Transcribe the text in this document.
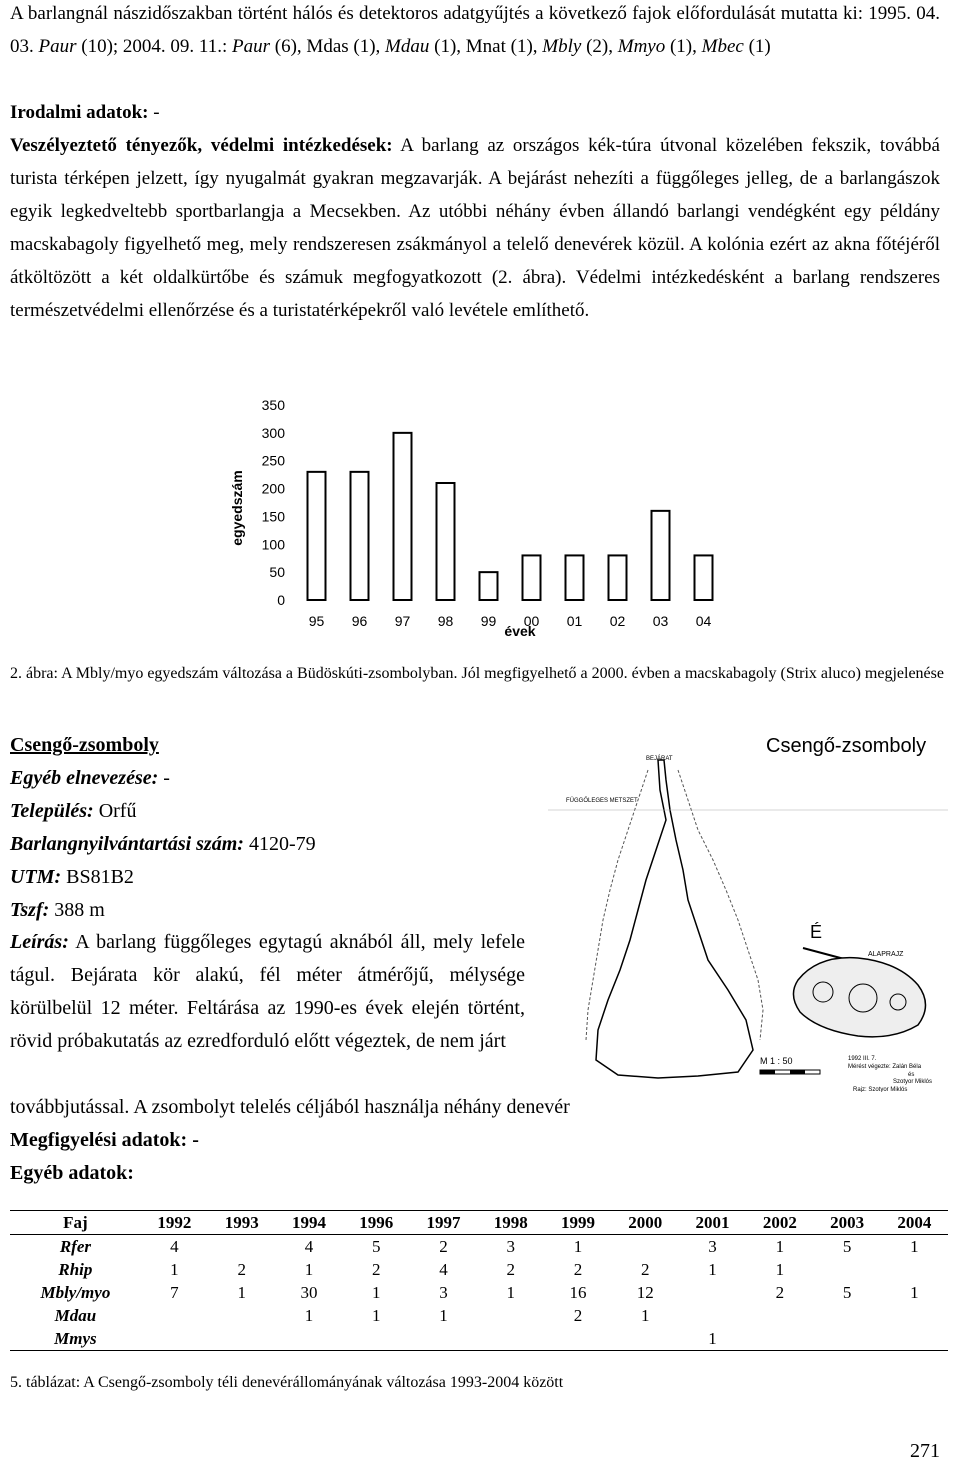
A barlangnál nászidőszakban történt hálós és detektoros adatgyűjtés a következő fajok előfordulását mutatta ki: 1995. 04. 03. Paur (10); 2004. 09. 11.: Paur (6), Mdas (1), Mdau (1), Mnat (1), Mbly (2), Mmyo (1), Mbec (1)
Irodalmi adatok: -
Veszélyeztető tényezők, védelmi intézkedések: A barlang az országos kék-túra útvonal közelében fekszik, továbbá turista térképen jelzett, így nyugalmát gyakran megzavarják. A bejárást nehezíti a függőleges jelleg, de a barlangászok egyik legkedveltebb sportbarlangja a Mecsekben. Az utóbbi néhány évben állandó barlangi vendégként egy példány macskabagoly figyelhető meg, mely rendszeresen zsákmányol a telelő denevérek közül. A kolónia ezért az akna főtéjéről átköltözött a két oldalkürtőbe és számuk megfogyatkozott (2. ábra). Védelmi intézkedésként a barlang rendszeres természetvédelmi ellenőrzése és a turistatérképekről való levétele említhető.
egyedszám
0
50
100
150
200
250
300
350
95 96 97 98 99 00 01 02 03 04
évek
2. ábra: A Mbly/myo egyedszám változása a Büdöskúti-zsombolyban. Jól megfigyelhető a 2000. évben a macskabagoly (Strix aluco) megjelenése
Csengő-zsomboly
Egyéb elnevezése: -
Település: Orfű
Barlangnyilvántartási szám: 4120-79
UTM: BS81B2
Tszf: 388 m
Leírás: A barlang függőleges egytagú aknából áll, mely lefele tágul. Bejárata kör alakú, fél méter átmérőjű, mélysége körülbelül 12 méter. Feltárása az 1990-es évek elején történt, rövid próbakutatás az ezredforduló előtt végeztek, de nem járt
továbbjutással. A zsombolyt telelés céljából használja néhány denevér
Megfigyelési adatok: -
Egyéb adatok:
Csengő-zsomboly
BEJÁRAT
FÜGGŐLEGES METSZET
É
ALAPRAJZ
1992 III. 7.
Mérést végezte: Zalán Béla
és
Szotyor Miklós
Rajz: Szotyor Miklós
M 1 : 50
Faj	1992	1993	1994	1996	1997	1998	1999	2000	2001	2002	2003	2004
Rfer	4		4	5	2	3	1		3	1	5	1
Rhip	1	2	1	2	4	2	2	2	1	1		
Mbly/myo	7	1	30	1	3	1	16	12		2	5	1
Mdau			1	1	1		2	1				
Mmys									1			
5. táblázat: A Csengő-zsomboly téli denevérállományának változása 1993-2004 között
271
